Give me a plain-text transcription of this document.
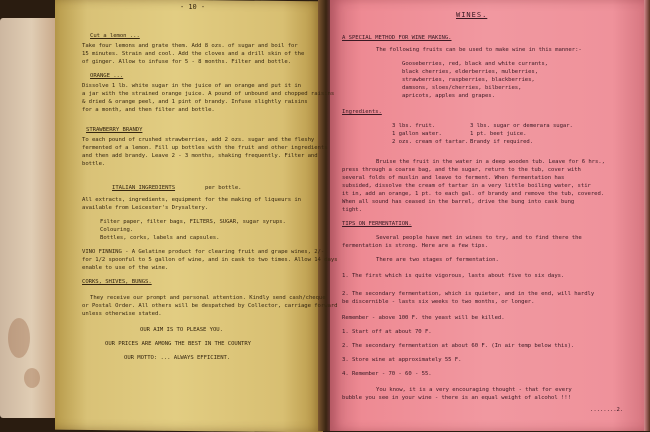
- 10 -
Cut a lemon ...
Take four lemons and grate them. Add 8 ozs. of sugar and boil for
15 minutes. Strain and cool. Add the cloves and a drill skin of the
of ginger. Allow to infuse for 5 - 8 months. Filter and bottle.
ORANGE ...
Dissolve 1 lb. white sugar in the juice of an orange and put it in
a jar with the strained orange juice. A pound of unbound and chopped raisins
& dried & orange peel, and 1 pint of brandy. Infuse slightly raisins
for a month, and then filter and bottle.
STRAWBERRY BRANDY
To each pound of crushed strawberries, add 2 ozs. sugar and the fleshy
fermented of a lemon. Fill up bottles with the fruit and other ingredients
and then add brandy. Leave 2 - 3 months, shaking frequently. Filter and
bottle.
ITALIAN INGREDIENTS	per bottle.
All extracts, ingredients, equipment for the making of liqueurs in
available from Leicester's Drysaltery.
Filter paper, filter bags, FILTERS, SUGAR, sugar syrups.
Colouring.
Bottles, corks, labels and capsules.
VINO FINNING - A Gelatine product for clearing fruit and grape wines, 2/-
for 1/2 spoonful to 5 gallon of wine, and in cask to two times. Allow 14 days
enable to use of the wine.
CORKS, SHIVES, BUNGS.
They receive our prompt and personal attention. Kindly send cash/cheque
or Postal Order. All others will be despatched by Collector, carriage forward
unless otherwise stated.
OUR AIM IS TO PLEASE YOU.
OUR PRICES ARE AMONG THE BEST IN THE COUNTRY
OUR MOTTO: ... ALWAYS EFFICIENT.
WINES.
A SPECIAL METHOD FOR WINE MAKING.
The following fruits can be used to make wine in this manner:-
Gooseberries, red, black and white currants,
black cherries, elderberries, mulberries,
strawberries, raspberries, blackberries,
damsons, sloes/cherries, bilberries,
apricots, apples and grapes.
Ingredients.
3 lbs. fruit.
1 gallon water.
2 ozs. cream of tartar.
3 lbs. sugar or demerara sugar.
1 pt. beet juice.
Brandy if required.
Bruise the fruit in the water in a deep wooden tub. Leave for 6 hrs.,
press through a coarse bag, and the sugar, return to the tub, cover with
several folds of muslin and leave to ferment. When fermentation has
subsided, dissolve the cream of tartar in a very little boiling water, stir
it in, add an orange, 1 pt. to each gal. of brandy and remove the tub, covered.
When all sound has ceased in the barrel, drive the bung into cask bung
tight.
TIPS ON FERMENTATION.
Several people have met in wines to try, and to find there the
fermentation is strong. Here are a few tips.
There are two stages of fermentation.
1. The first which is quite vigorous, lasts about five to six days.
2. The secondary fermentation, which is quieter, and in the end, will hardly
be discernible - lasts six weeks to two months, or longer.
Remember - above 100 F. the yeast will be killed.
1. Start off at about 70 F.
2. The secondary fermentation at about 60 F. (In air temp below this).
3. Store wine at approximately 55 F.
4. Remember - 70 - 60 - 55.
You know, it is a very encouraging thought - that for every
bubble you see in your wine - there is an equal weight of alcohol !!!
........2.
